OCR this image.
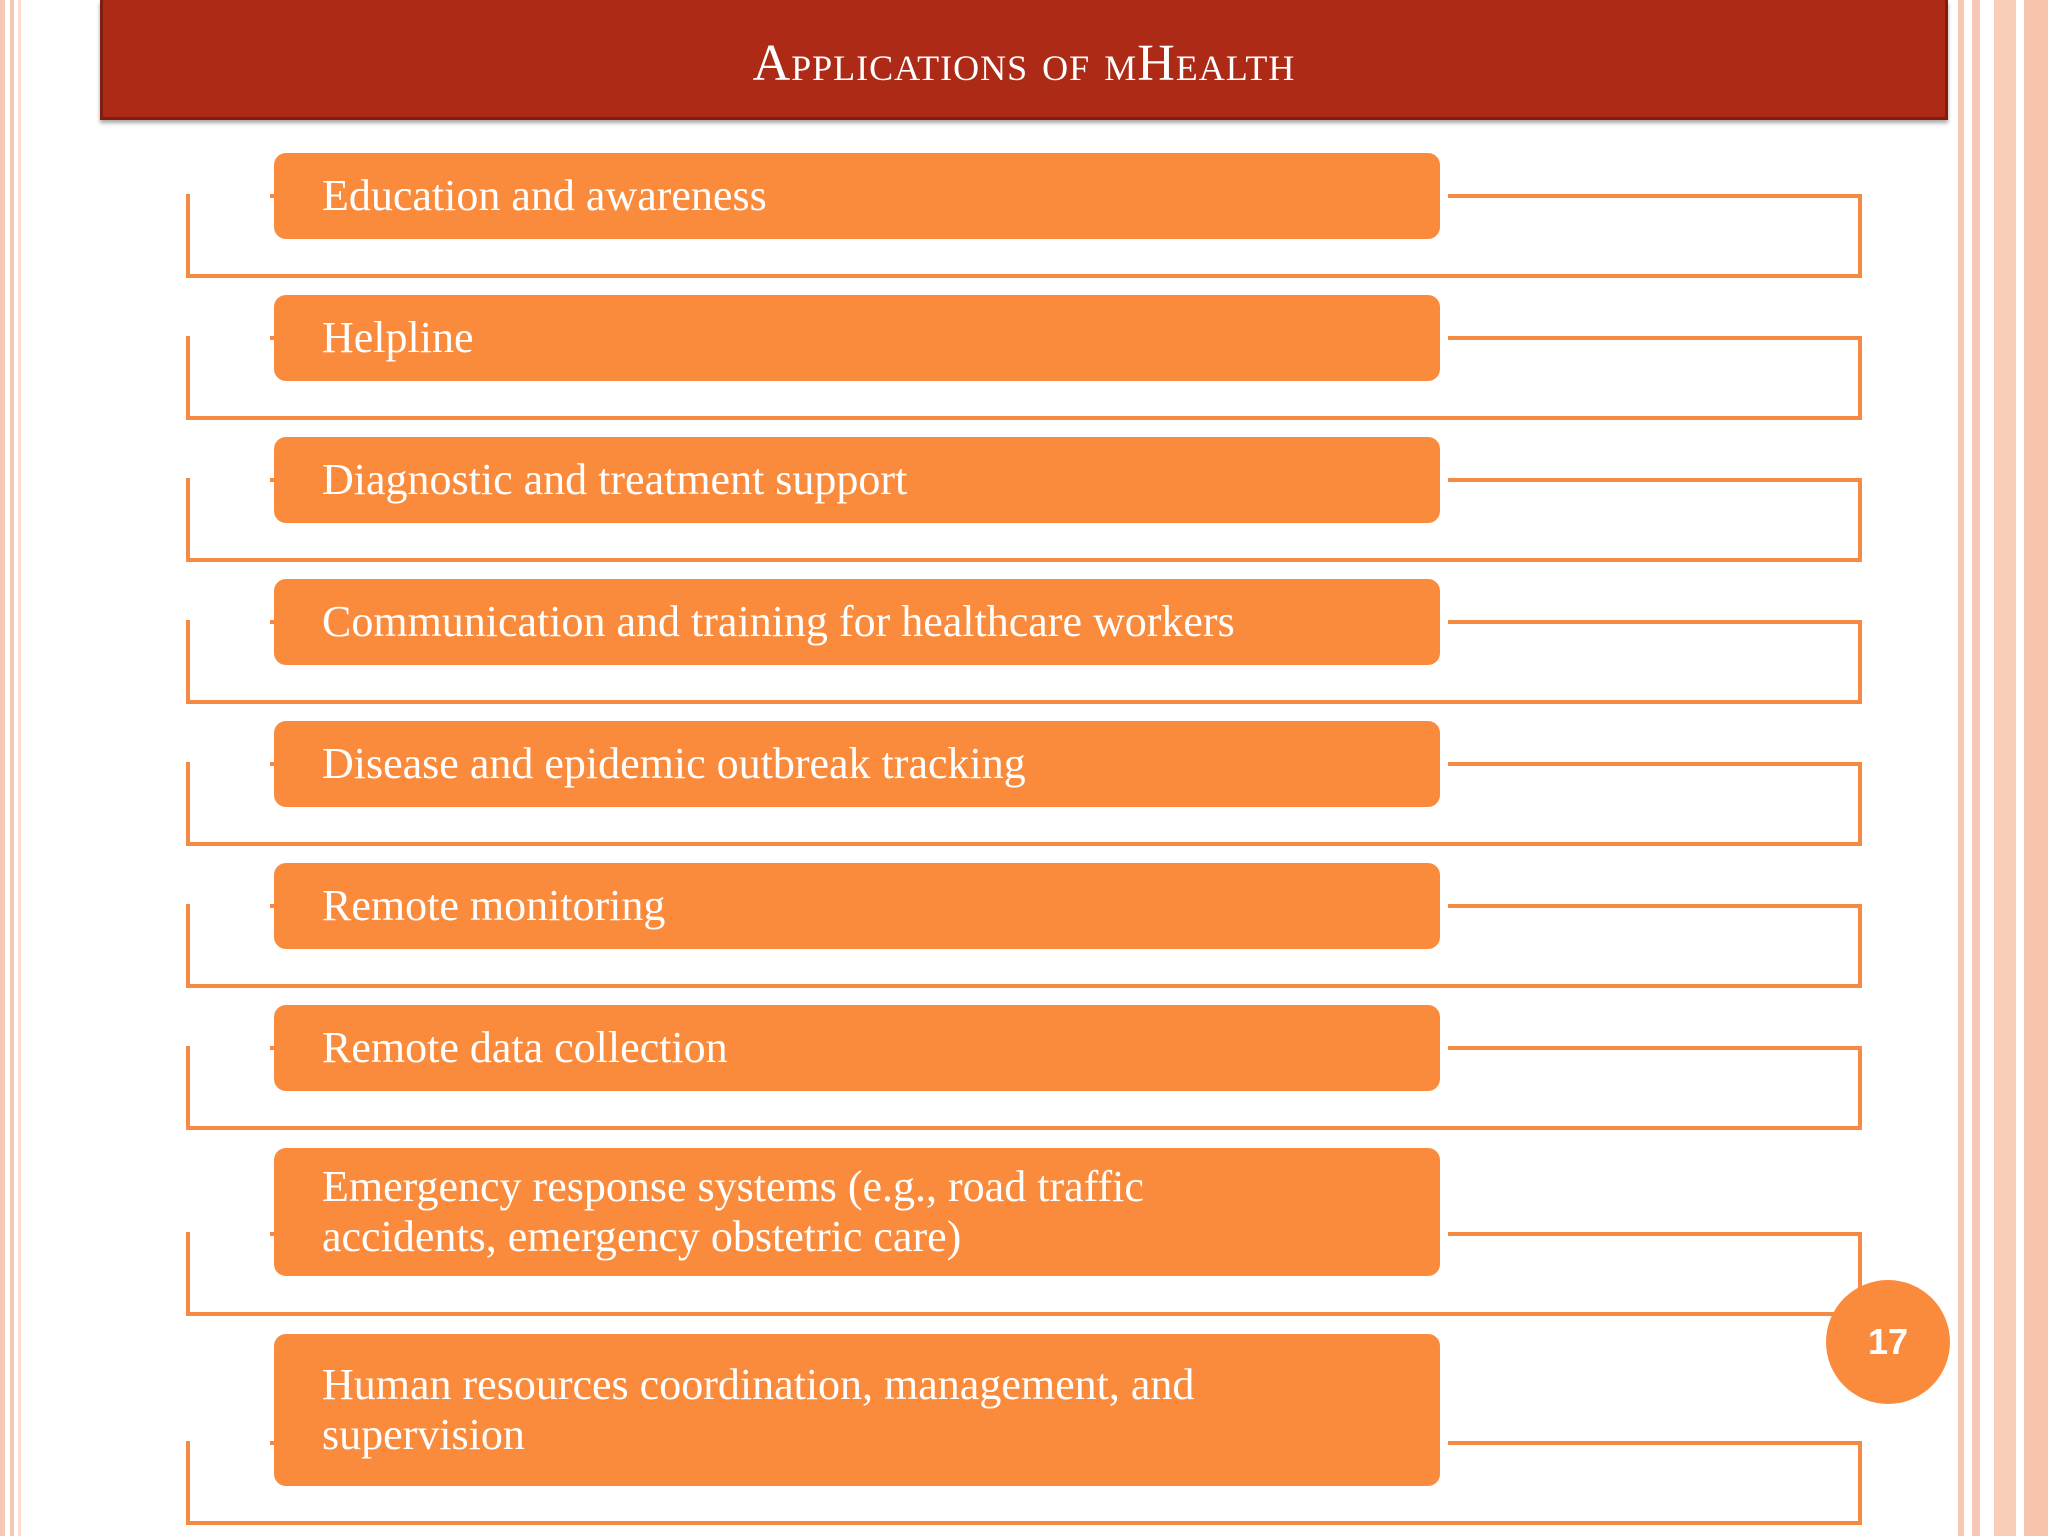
Applications of mHealth
Education and awareness
Helpline
Diagnostic and treatment support
Communication and training for healthcare workers
Disease and epidemic outbreak tracking
Remote monitoring
Remote data collection
Emergency response systems (e.g., road traffic accidents, emergency obstetric care)
Human resources coordination, management, and supervision
17
